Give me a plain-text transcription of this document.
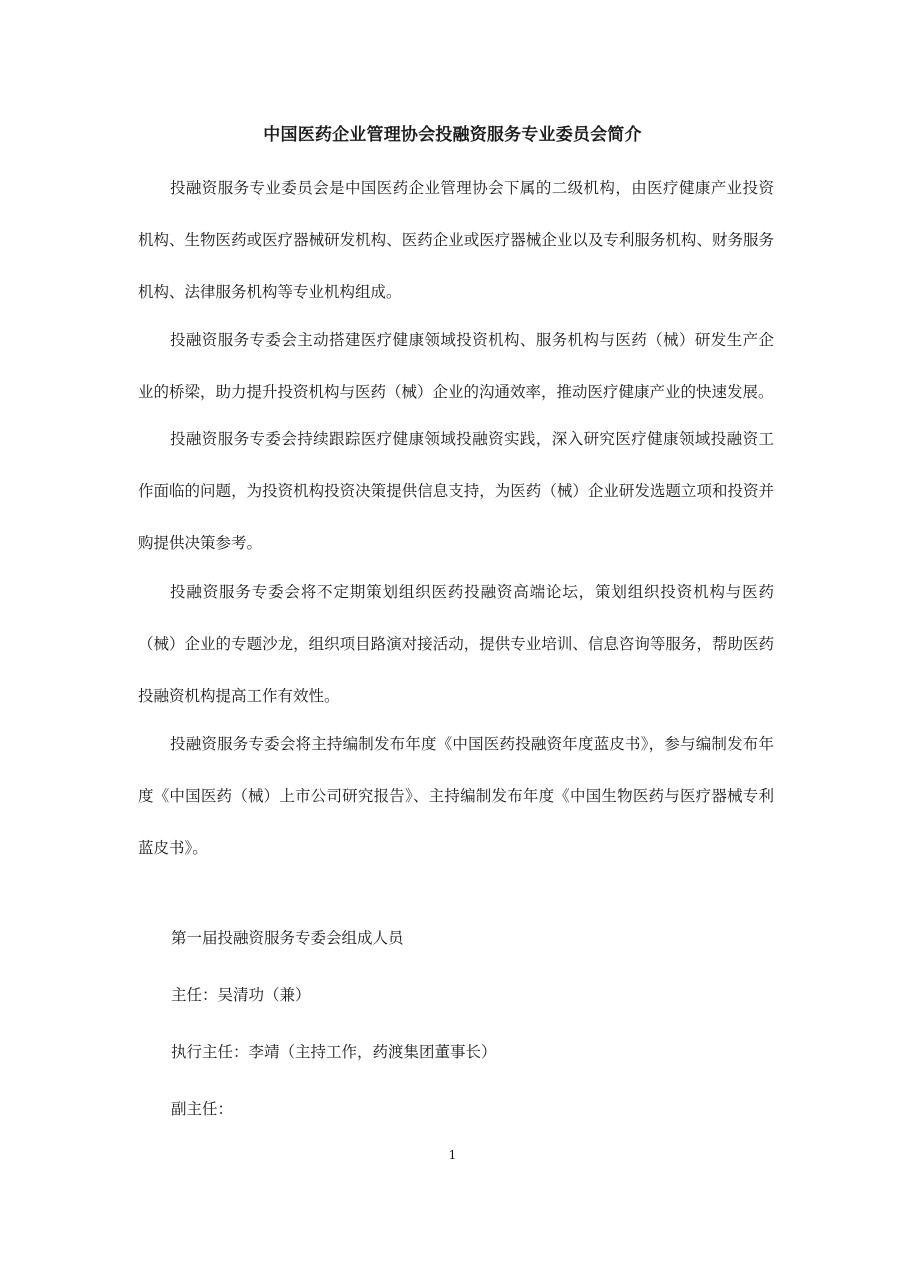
中国医药企业管理协会投融资服务专业委员会简介

投融资服务专业委员会是中国医药企业管理协会下属的二级机构，由医疗健康产业投资机构、生物医药或医疗器械研发机构、医药企业或医疗器械企业以及专利服务机构、财务服务机构、法律服务机构等专业机构组成。

投融资服务专委会主动搭建医疗健康领域投资机构、服务机构与医药（械）研发生产企业的桥梁，助力提升投资机构与医药（械）企业的沟通效率，推动医疗健康产业的快速发展。

投融资服务专委会持续跟踪医疗健康领域投融资实践，深入研究医疗健康领域投融资工作面临的问题，为投资机构投资决策提供信息支持，为医药（械）企业研发选题立项和投资并购提供决策参考。

投融资服务专委会将不定期策划组织医药投融资高端论坛，策划组织投资机构与医药（械）企业的专题沙龙，组织项目路演对接活动，提供专业培训、信息咨询等服务，帮助医药投融资机构提高工作有效性。

投融资服务专委会将主持编制发布年度《中国医药投融资年度蓝皮书》，参与编制发布年度《中国医药（械）上市公司研究报告》、主持编制发布年度《中国生物医药与医疗器械专利蓝皮书》。

第一届投融资服务专委会组成人员

主任：吴清功（兼）

执行主任：李靖（主持工作，药渡集团董事长）

副主任：

1
